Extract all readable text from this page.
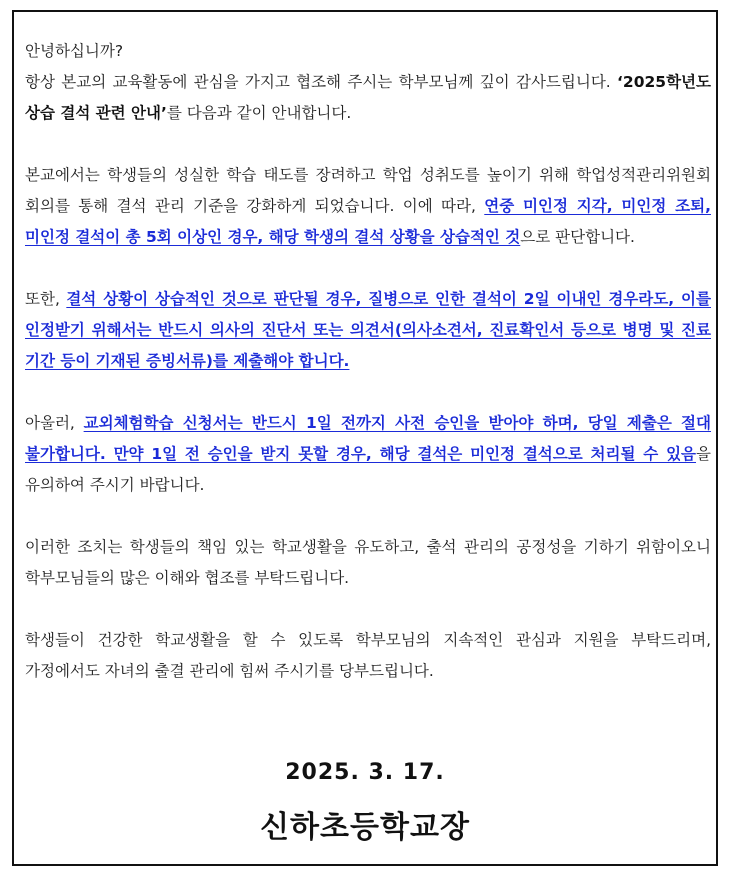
안녕하십니까?

항상 본교의 교육활동에 관심을 가지고 협조해 주시는 학부모님께 깊이 감사드립니다. ‘2025학년도 상습 결석 관련 안내’를 다음과 같이 안내합니다.

본교에서는 학생들의 성실한 학습 태도를 장려하고 학업 성취도를 높이기 위해 학업성적관리위원회 회의를 통해 결석 관리 기준을 강화하게 되었습니다. 이에 따라, 연중 미인정 지각, 미인정 조퇴, 미인정 결석이 총 5회 이상인 경우, 해당 학생의 결석 상황을 상습적인 것으로 판단합니다.

또한, 결석 상황이 상습적인 것으로 판단될 경우, 질병으로 인한 결석이 2일 이내인 경우라도, 이를 인정받기 위해서는 반드시 의사의 진단서 또는 의견서(의사소견서, 진료확인서 등으로 병명 및 진료 기간 등이 기재된 증빙서류)를 제출해야 합니다.

아울러, 교외체험학습 신청서는 반드시 1일 전까지 사전 승인을 받아야 하며, 당일 제출은 절대 불가합니다. 만약 1일 전 승인을 받지 못할 경우, 해당 결석은 미인정 결석으로 처리될 수 있음을 유의하여 주시기 바랍니다.

이러한 조치는 학생들의 책임 있는 학교생활을 유도하고, 출석 관리의 공정성을 기하기 위함이오니 학부모님들의 많은 이해와 협조를 부탁드립니다.

학생들이 건강한 학교생활을 할 수 있도록 학부모님의 지속적인 관심과 지원을 부탁드리며, 가정에서도 자녀의 출결 관리에 힘써 주시기를 당부드립니다.

2025. 3. 17.
신하초등학교장
